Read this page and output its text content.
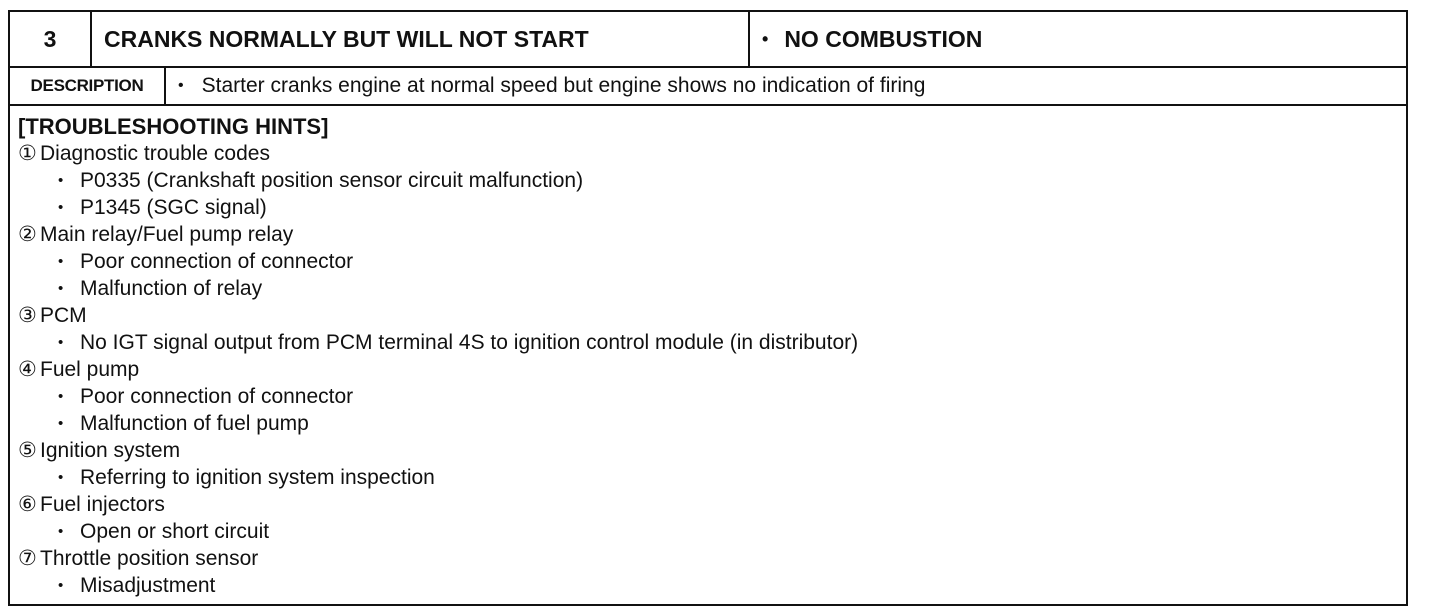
3	CRANKS NORMALLY BUT WILL NOT START	• NO COMBUSTION
DESCRIPTION	• Starter cranks engine at normal speed but engine shows no indication of firing
[TROUBLESHOOTING HINTS]
① Diagnostic trouble codes
• P0335 (Crankshaft position sensor circuit malfunction)
• P1345 (SGC signal)
② Main relay/Fuel pump relay
• Poor connection of connector
• Malfunction of relay
③ PCM
• No IGT signal output from PCM terminal 4S to ignition control module (in distributor)
④ Fuel pump
• Poor connection of connector
• Malfunction of fuel pump
⑤ Ignition system
• Referring to ignition system inspection
⑥ Fuel injectors
• Open or short circuit
⑦ Throttle position sensor
• Misadjustment
